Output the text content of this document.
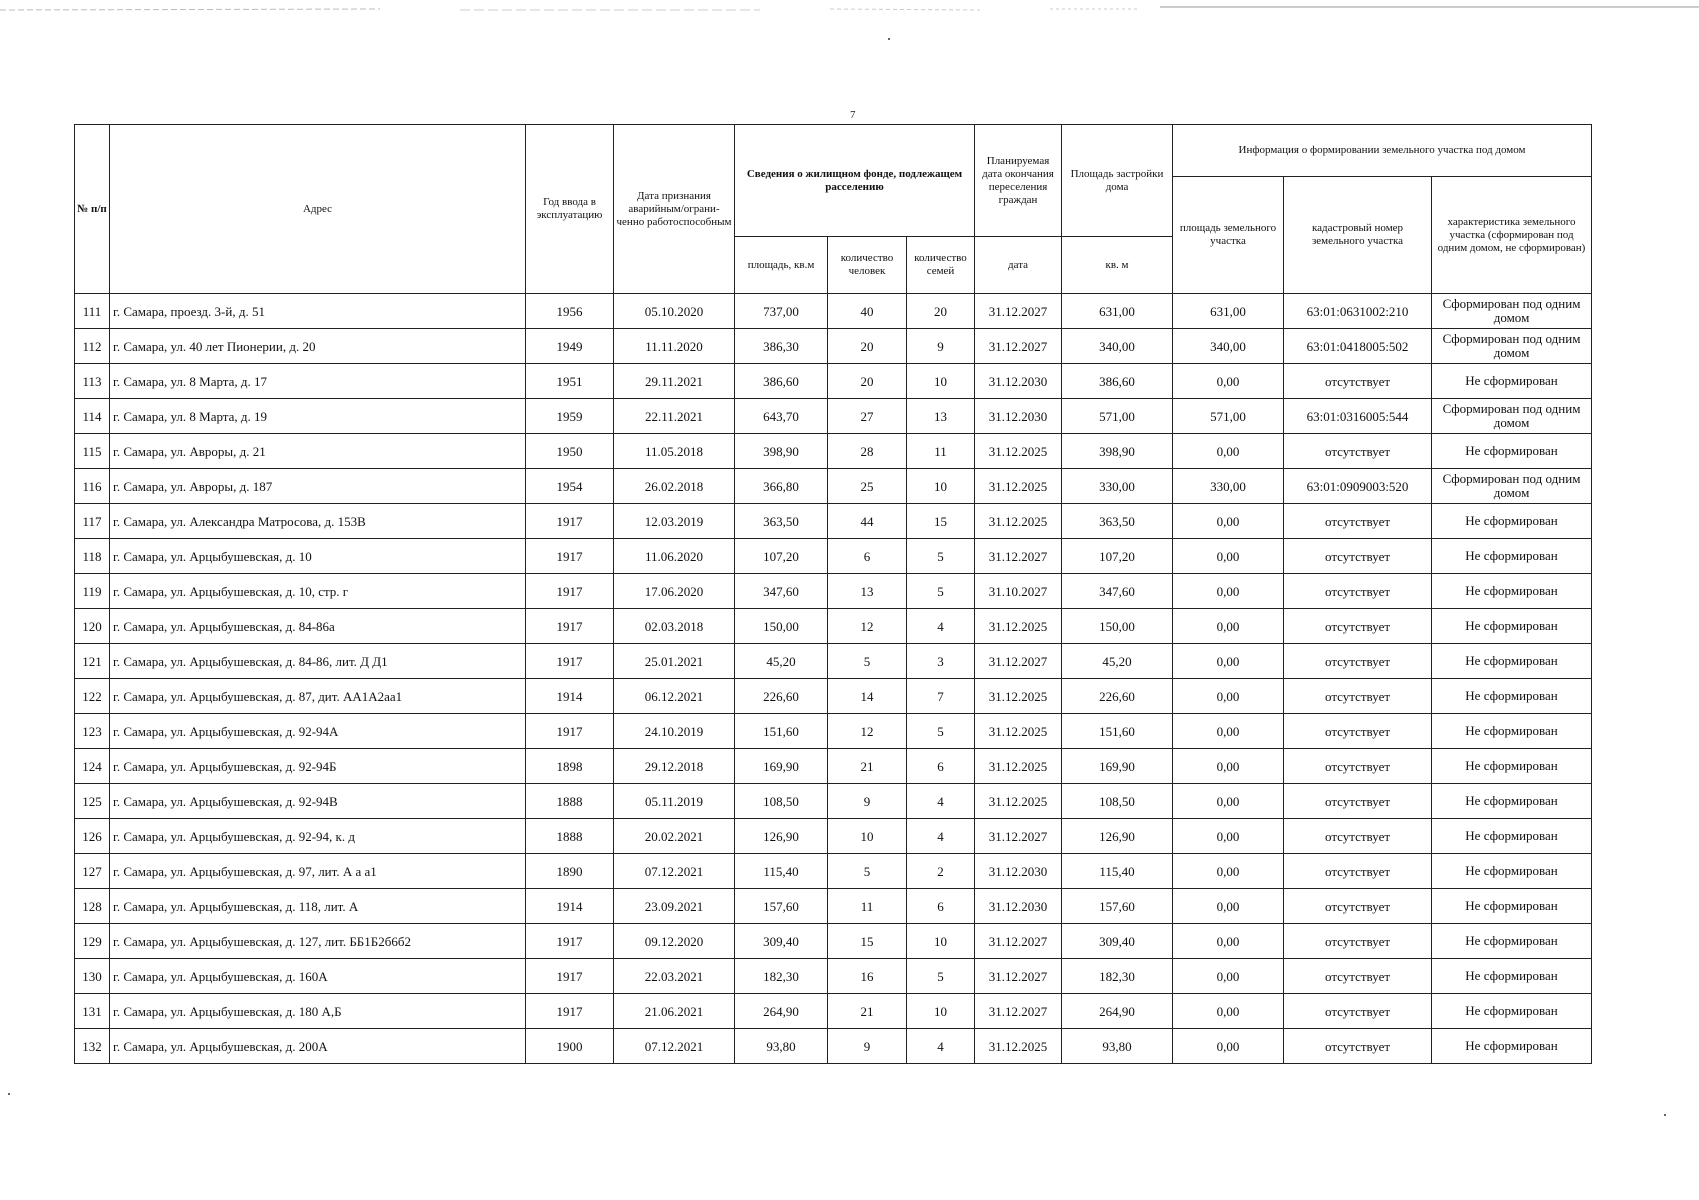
7
№ п/п	Адрес	Год ввода в эксплуатацию	Дата признания аварийным/ограни-ченно работоспособным	Сведения о жилищном фонде, подлежащем расселению			Планируемая дата окончания переселения граждан	Площадь застройки дома	Информация о формировании земельного участка под домом		
									площадь земельного участка	кадастровый номер земельного участка	характеристика земельного участка (сформирован под одним домом, не сформирован)
				площадь, кв.м	количество человек	количество семей	дата	кв. м			
111	г. Самара, проезд. 3-й, д. 51	1956	05.10.2020	737,00	40	20	31.12.2027	631,00	631,00	63:01:0631002:210	Сформирован под одним домом
112	г. Самара, ул. 40 лет Пионерии, д. 20	1949	11.11.2020	386,30	20	9	31.12.2027	340,00	340,00	63:01:0418005:502	Сформирован под одним домом
113	г. Самара, ул. 8 Марта, д. 17	1951	29.11.2021	386,60	20	10	31.12.2030	386,60	0,00	отсутствует	Не сформирован
114	г. Самара, ул. 8 Марта, д. 19	1959	22.11.2021	643,70	27	13	31.12.2030	571,00	571,00	63:01:0316005:544	Сформирован под одним домом
115	г. Самара, ул. Авроры, д. 21	1950	11.05.2018	398,90	28	11	31.12.2025	398,90	0,00	отсутствует	Не сформирован
116	г. Самара, ул. Авроры, д. 187	1954	26.02.2018	366,80	25	10	31.12.2025	330,00	330,00	63:01:0909003:520	Сформирован под одним домом
117	г. Самара, ул. Александра Матросова, д. 153В	1917	12.03.2019	363,50	44	15	31.12.2025	363,50	0,00	отсутствует	Не сформирован
118	г. Самара, ул. Арцыбушевская, д. 10	1917	11.06.2020	107,20	6	5	31.12.2027	107,20	0,00	отсутствует	Не сформирован
119	г. Самара, ул. Арцыбушевская, д. 10, стр. г	1917	17.06.2020	347,60	13	5	31.10.2027	347,60	0,00	отсутствует	Не сформирован
120	г. Самара, ул. Арцыбушевская, д. 84-86а	1917	02.03.2018	150,00	12	4	31.12.2025	150,00	0,00	отсутствует	Не сформирован
121	г. Самара, ул. Арцыбушевская, д. 84-86, лит. Д Д1	1917	25.01.2021	45,20	5	3	31.12.2027	45,20	0,00	отсутствует	Не сформирован
122	г. Самара, ул. Арцыбушевская, д. 87, дит. АА1А2аа1	1914	06.12.2021	226,60	14	7	31.12.2025	226,60	0,00	отсутствует	Не сформирован
123	г. Самара, ул. Арцыбушевская, д. 92-94А	1917	24.10.2019	151,60	12	5	31.12.2025	151,60	0,00	отсутствует	Не сформирован
124	г. Самара, ул. Арцыбушевская, д. 92-94Б	1898	29.12.2018	169,90	21	6	31.12.2025	169,90	0,00	отсутствует	Не сформирован
125	г. Самара, ул. Арцыбушевская, д. 92-94В	1888	05.11.2019	108,50	9	4	31.12.2025	108,50	0,00	отсутствует	Не сформирован
126	г. Самара, ул. Арцыбушевская, д. 92-94, к. д	1888	20.02.2021	126,90	10	4	31.12.2027	126,90	0,00	отсутствует	Не сформирован
127	г. Самара, ул. Арцыбушевская, д. 97, лит. А а а1	1890	07.12.2021	115,40	5	2	31.12.2030	115,40	0,00	отсутствует	Не сформирован
128	г. Самара, ул. Арцыбушевская, д. 118, лит. А	1914	23.09.2021	157,60	11	6	31.12.2030	157,60	0,00	отсутствует	Не сформирован
129	г. Самара, ул. Арцыбушевская, д. 127, лит. ББ1Б2б6б2	1917	09.12.2020	309,40	15	10	31.12.2027	309,40	0,00	отсутствует	Не сформирован
130	г. Самара, ул. Арцыбушевская, д. 160А	1917	22.03.2021	182,30	16	5	31.12.2027	182,30	0,00	отсутствует	Не сформирован
131	г. Самара, ул. Арцыбушевская, д. 180 А,Б	1917	21.06.2021	264,90	21	10	31.12.2027	264,90	0,00	отсутствует	Не сформирован
132	г. Самара, ул. Арцыбушевская, д. 200А	1900	07.12.2021	93,80	9	4	31.12.2025	93,80	0,00	отсутствует	Не сформирован
